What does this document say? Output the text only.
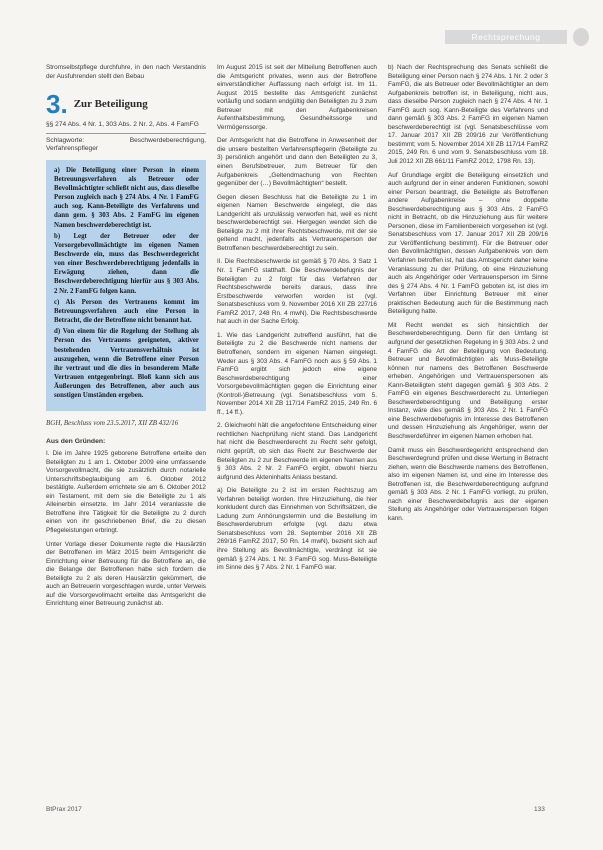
Rechtsprechung

Stromselbstpflege durchfuhre, in den nach Verstandnis der Ausfuhrenden stellt den Bebau

3. Zur Beteiligung
§§ 274 Abs. 4 Nr. 1, 303 Abs. 2 Nr. 2, Abs. 4 FamFG
Schlagworte: Beschwerdeberechtigung, Verfahrenspfleger

a) Die Beteiligung einer Person in einem Betreuungsverfahren als Betreuer oder Bevollmächtigter schließt nicht aus, dass dieselbe Person zugleich nach § 274 Abs. 4 Nr. 1 FamFG auch sog. Kann-Beteiligte des Verfahrens und dann gem. § 303 Abs. 2 FamFG im eigenen Namen beschwerdeberechtigt ist.

b) Legt der Betreuer oder der Vorsorgebevollmächtigte im eigenen Namen Beschwerde ein, muss das Beschwerdegericht von einer Beschwerdeberechtigung jedenfalls in Erwägung ziehen, dann die Beschwerdeberechtigung hierfür aus § 303 Abs. 2 Nr. 2 FamFG folgen kann.

c) Als Person des Vertrauens kommt im Betreuungsverfahren auch eine Person in Betracht, die der Betroffene nicht benannt hat.

d) Von einem für die Regelung der Stellung als Person des Vertrauens geeigneten, aktiver bestehenden Vertrauensverhältnis ist auszugehen, wenn die Betroffene einer Person ihr vertraut und die dies in besonderem Maße Vertrauen entgegenbringt. Bloß kann sich aus Äußerungen des Betroffenen, aber auch aus sonstigen Umständen ergeben.

BGH, Beschluss vom 23.5.2017, XII ZB 432/16
Aus den Gründen:

I. Die im Jahre 1925 geborene Betroffene erteilte den Beteiligten zu 1 am 1. Oktober 2009 eine umfassende Vorsorgevollmacht, die sie zusätzlich durch notarielle Unterschriftsbeglaubigung am 6. Oktober 2012 bestätigte. Außerdem errichtete sie am 6. Oktober 2012 ein Testament, mit dem sie die Beteiligte zu 1 als Alleinerbin einsetzte. Im Jahr 2014 veranlasste die Betroffene ihre Tätigkeit für die Beteiligte zu 2 durch einen von ihr geschriebenen Brief, die zu diesen Pflegeleistungen erbringt.

Unter Vorlage dieser Dokumente regte die Hausärztin der Betroffenen im März 2015 beim Amtsgericht die Einrichtung einer Betreuung für die Betroffene an, die die Belange der Betroffenen habe sich fordern die Beteiligte zu 2 als deren Hausärztin gekümmert, die auch an Betreuerin vorgeschlagen wurde, unter Verweis auf die Vorsorgevollmacht erteilte das Amtsgericht die Einrichtung einer Betreuung zunächst ab.

Im August 2015 ist seit der Mitteilung Betroffenen auch die Amtsgericht privates, wenn aus der Betroffene einverständlicher Auffassung nach erfolgt ist. Im 11. August 2015 bestellte das Amtsgericht zunächst vorläufig und sodann endgültig den Beteiligten zu 3 zum Betreuer mit den Aufgabenkreisen Aufenthaltsbestimmung, Gesundheitssorge und Vermögenssorge.

Der Amtsgericht hat die Betroffene in Anwesenheit der die unsere bestellten Verfahrenspflegerin (Beteiligte zu 3) persönlich angehört und dann den Beteiligten zu 3, einen Berufsbetreuer, zum Betreuer für den Aufgabenkreis „Geltendmachung von Rechten gegenüber der (…) Bevollmächtigten“ bestellt.

Gegen diesen Beschluss hat die Beteiligte zu 1 im eigenen Namen Beschwerde eingelegt, die das Landgericht als unzulässig verworfen hat, weil es nicht beschwerdeberechtigt sei. Hiergegen wendet sich die Beteiligte zu 2 mit ihrer Rechtsbeschwerde, mit der sie geltend macht, jedenfalls als Vertrauensperson der Betroffenen beschwerdeberechtigt zu sein.

II. Die Rechtsbeschwerde ist gemäß § 70 Abs. 3 Satz 1 Nr. 1 FamFG statthaft. Die Beschwerdebefugnis der Beteiligten zu 2 folgt für das Verfahren der Rechtsbeschwerde bereits daraus, dass ihre Erstbeschwerde verworfen worden ist (vgl. Senatsbeschluss vom 9. November 2016 XII ZB 227/16 FamRZ 2017, 248 Rn. 4 mwN). Die Rechtsbeschwerde hat auch in der Sache Erfolg.

1. Wie das Landgericht zutreffend ausführt, hat die Beteiligte zu 2 die Beschwerde nicht namens der Betroffenen, sondern im eigenen Namen eingelegt. Weder aus § 303 Abs. 4 FamFG noch aus § 59 Abs. 1 FamFG ergibt sich jedoch eine eigene Beschwerdeberechtigung einer Vorsorgebevollmächtigten gegen die Einrichtung einer (Kontroll-)Betreuung (vgl. Senatsbeschluss vom 5. November 2014 XII ZB 117/14 FamRZ 2015, 249 Rn. 6 ff., 14 ff.).

2. Gleichwohl hält die angefochtene Entscheidung einer rechtlichen Nachprüfung nicht stand. Das Landgericht hat nicht die Beschwerderecht zu Recht sehr gefolgt, nicht geprüft, ob sich das Recht zur Beschwerde der Beteiligten zu 2 zur Beschwerde im eigenen Namen aus § 303 Abs. 2 Nr. 2 FamFG ergibt, obwohl hierzu aufgrund des Akteninhalts Anlass bestand.

a) Die Beteiligte zu 2 ist im ersten Rechtszug am Verfahren beteiligt worden. Ihre Hinzuziehung, die hier konkludent durch das Einnehmen von Schriftsätzen, die Ladung zum Anhörungstermin und die Bestellung im Beschwerderubrum erfolgte (vgl. dazu etwa Senatsbeschluss vom 28. September 2016 XII ZB 269/16 FamRZ 2017, 50 Rn. 14 mwN), bezieht sich auf ihre Stellung als Bevollmächtigte, verdrängt ist sie gemäß § 274 Abs. 1 Nr. 3 FamFG sog. Muss-Beteiligte im Sinne des § 7 Abs. 2 Nr. 1 FamFG war.

b) Nach der Rechtsprechung des Senats schließt die Beteiligung einer Person nach § 274 Abs. 1 Nr. 2 oder 3 FamFG, die als Betreuer oder Bevollmächtigter an dem Aufgabenkreis betroffen ist, in Beteiligung, nicht aus, dass dieselbe Person zugleich nach § 274 Abs. 4 Nr. 1 FamFG auch sog. Kann-Beteiligte des Verfahrens und dann gemäß § 303 Abs. 2 FamFG im eigenen Namen beschwerdeberechtigt ist (vgl. Senatsbeschlüsse vom 17. Januar 2017 XII ZB 209/16 zur Veröffentlichung bestimmt; vom 5. November 2014 XII ZB 117/14 FamRZ 2015, 249 Rn. 6 und vom 9. Senatsbeschluss vom 18. Juli 2012 XII ZB 661/11 FamRZ 2012, 1798 Rn. 13).

Auf Grundlage ergibt die Beteiligung einsetzlich und auch aufgrund der in einer anderen Funktionen, sowohl einer Person beantragt, die Beteiligte als Betroffenen andere Aufgabenkreise – ohne doppelte Beschwerdeberechtigung aus § 303 Abs. 2 FamFG nicht in Betracht, ob die Hinzuziehung aus für weitere Personen, diese im Familienbereich vorgesehen ist (vgl. Senatsbeschluss vom 17. Januar 2017 XII ZB 209/16 zur Veröffentlichung bestimmt). Für die Betreuer oder den Bevollmächtigten, dessen Aufgabenkreis von dem Verfahren betroffen ist, hat das Amtsgericht daher keine Veranlassung zu der Prüfung, ob eine Hinzuziehung auch als Angehöriger oder Vertrauensperson im Sinne des § 274 Abs. 4 Nr. 1 FamFG geboten ist, ist dies im Verfahren über Einrichtung Betreuer mit einer praktischen Bedeutung auch für die Bestimmung nach Beteiligung hatte.

Mit Recht wendet es sich hinsichtlich der Beschwerdeberechtigung. Denn für den Umfang ist aufgrund der gesetzlichen Regelung in § 303 Abs. 2 und 4 FamFG die Art der Beteiligung von Bedeutung. Betreuer und Bevollmächtigten als Muss-Beteiligte können nur namens des Betroffenen Beschwerde erheben. Angehörigen und Vertrauenspersonen als Kann-Beteiligten steht dagegen gemäß § 303 Abs. 2 FamFG ein eigenes Beschwerderecht zu. Unterliegen Beschwerdeberechtigung und Beteiligung erster Instanz, wäre dies gemäß § 303 Abs. 2 Nr. 1 FamFG eine Beschwerdebefugnis im Interesse des Betroffenen und dessen Hinzuziehung als Angehöriger, wenn der Beschwerdeführer im eigenen Namen erhoben hat.

Damit muss ein Beschwerdegericht entsprechend den Beschwerdegrund prüfen und diese Wertung in Betracht ziehen, wenn die Beschwerde namens des Betroffenen, also im eigenen Namen ist, und eine im Interesse des Betroffenen ist, die Beschwerdeberechtigung aufgrund gemäß § 303 Abs. 2 Nr. 1 FamFG vorliegt, zu prüfen, nach einer Beschwerdebefugnis aus der eigenen Stellung als Angehöriger oder Vertrauensperson folgen kann.

BtPrax 2017	133
